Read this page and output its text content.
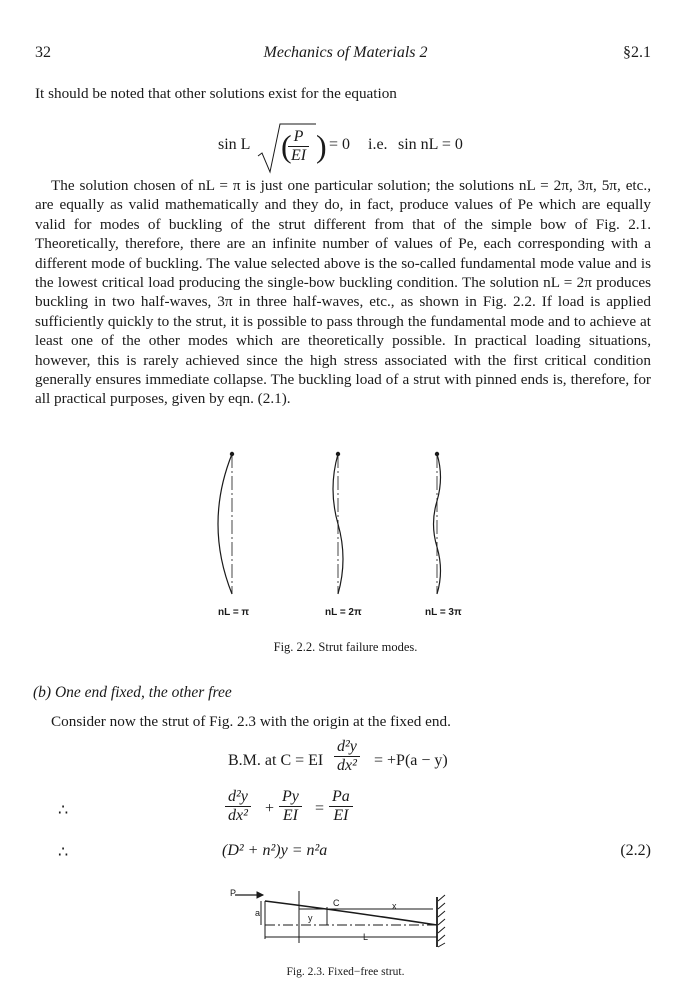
32	Mechanics of Materials 2	§2.1
It should be noted that other solutions exist for the equation
sin L (
$\frac{P}{EI}$ ) = 0 i.e. sin nL = 0
The solution chosen of nL = π is just one particular solution; the solutions nL = 2π, 3π, 5π, etc., are equally as valid mathematically and they do, in fact, produce values of Pe which are equally valid for modes of buckling of the strut different from that of the simple bow of Fig. 2.1. Theoretically, therefore, there are an infinite number of values of Pe, each corresponding with a different mode of buckling. The value selected above is the so-called fundamental mode value and is the lowest critical load producing the single-bow buckling condition. The solution nL = 2π produces buckling in two half-waves, 3π in three half-waves, etc., as shown in Fig. 2.2. If load is applied sufficiently quickly to the strut, it is possible to pass through the fundamental mode and to achieve at least one of the other modes which are theoretically possible. In practical loading situations, however, this is rarely achieved since the high stress associated with the first critical condition generally ensures immediate collapse. The buckling load of a strut with pinned ends is, therefore, for all practical purposes, given by eqn. (2.1).
nL = π	nL = 2π	nL = 3π
Fig. 2.2. Strut failure modes.
(b) One end fixed, the other free
Consider now the strut of Fig. 2.3 with the origin at the fixed end.
B.M. at C = EI $\frac{\text{d²y}}{\text{dx²}} = +P(a - y)$
∴	$\frac{\text{d²y}}{\text{dx²}} + \frac{Py}{EI} = \frac{Pa}{EI}$
∴	(D² + n²)y = n²a	(2.2)
P
a	y
C	x
L
Fig. 2.3. Fixed−free strut.
